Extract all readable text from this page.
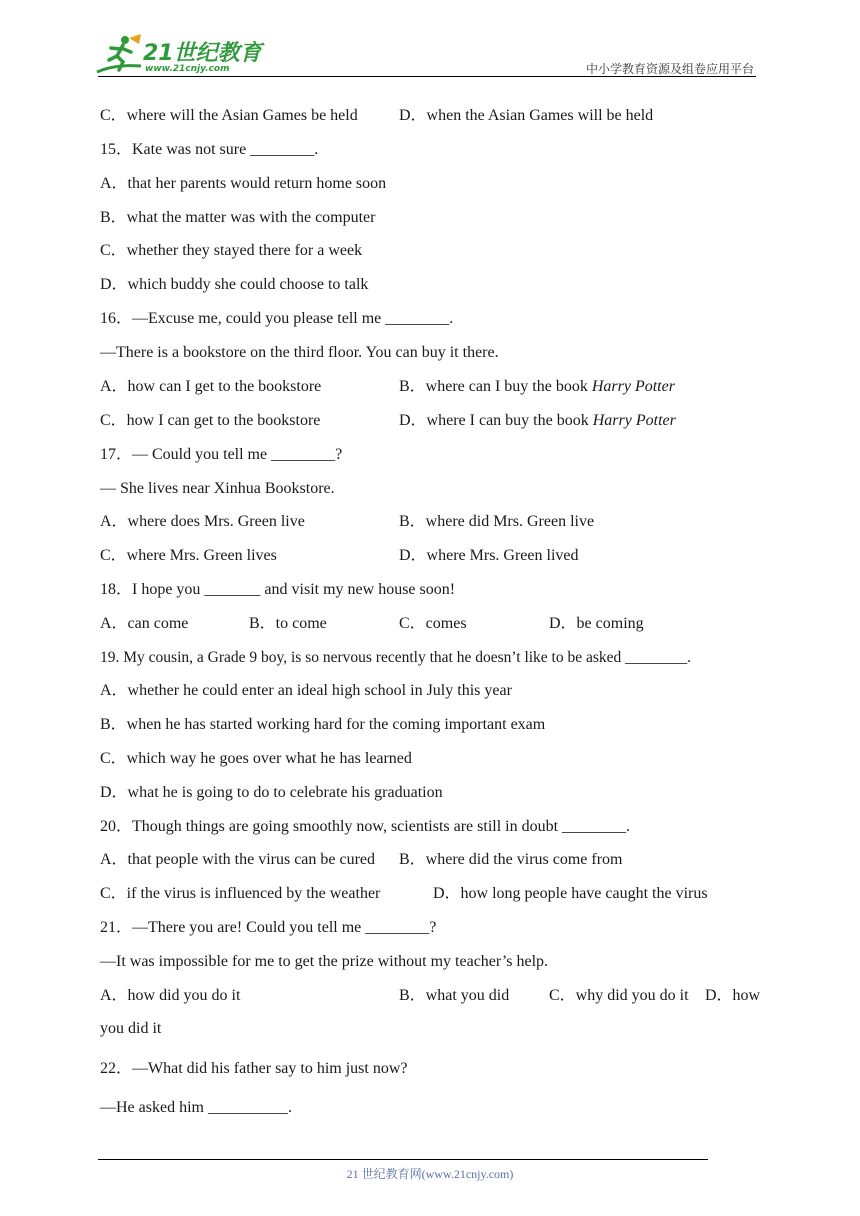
21世纪教育
www.21cnjy.com	中小学教育资源及组卷应用平台
C．where will the Asian Games be held	D．when the Asian Games will be held
15．Kate was not sure ________.
A．that her parents would return home soon
B．what the matter was with the computer
C．whether they stayed there for a week
D．which buddy she could choose to talk
16．—Excuse me, could you please tell me ________.
—There is a bookstore on the third floor. You can buy it there.
A．how can I get to the bookstore	B．where can I buy the book Harry Potter
C．how I can get to the bookstore	D．where I can buy the book Harry Potter
17．— Could you tell me ________?
— She lives near Xinhua Bookstore.
A．where does Mrs. Green live	B．where did Mrs. Green live
C．where Mrs. Green lives	D．where Mrs. Green lived
18．I hope you _______ and visit my new house soon!
A．can come	B．to come	C．comes	D．be coming
19. My cousin, a Grade 9 boy, is so nervous recently that he doesn’t like to be asked ________.
A．whether he could enter an ideal high school in July this year
B．when he has started working hard for the coming important exam
C．which way he goes over what he has learned
D．what he is going to do to celebrate his graduation
20．Though things are going smoothly now, scientists are still in doubt ________.
A．that people with the virus can be cured B．where did the virus come from
C．if the virus is influenced by the weather	D．how long people have caught the virus
21．—There you are! Could you tell me ________?
—It was impossible for me to get the prize without my teacher’s help.
A．how did you do it	B．what you did C．why did you do it D．how
you did it
22．—What did his father say to him just now?
—He asked him __________.
21 世纪教育网(www.21cnjy.com)
